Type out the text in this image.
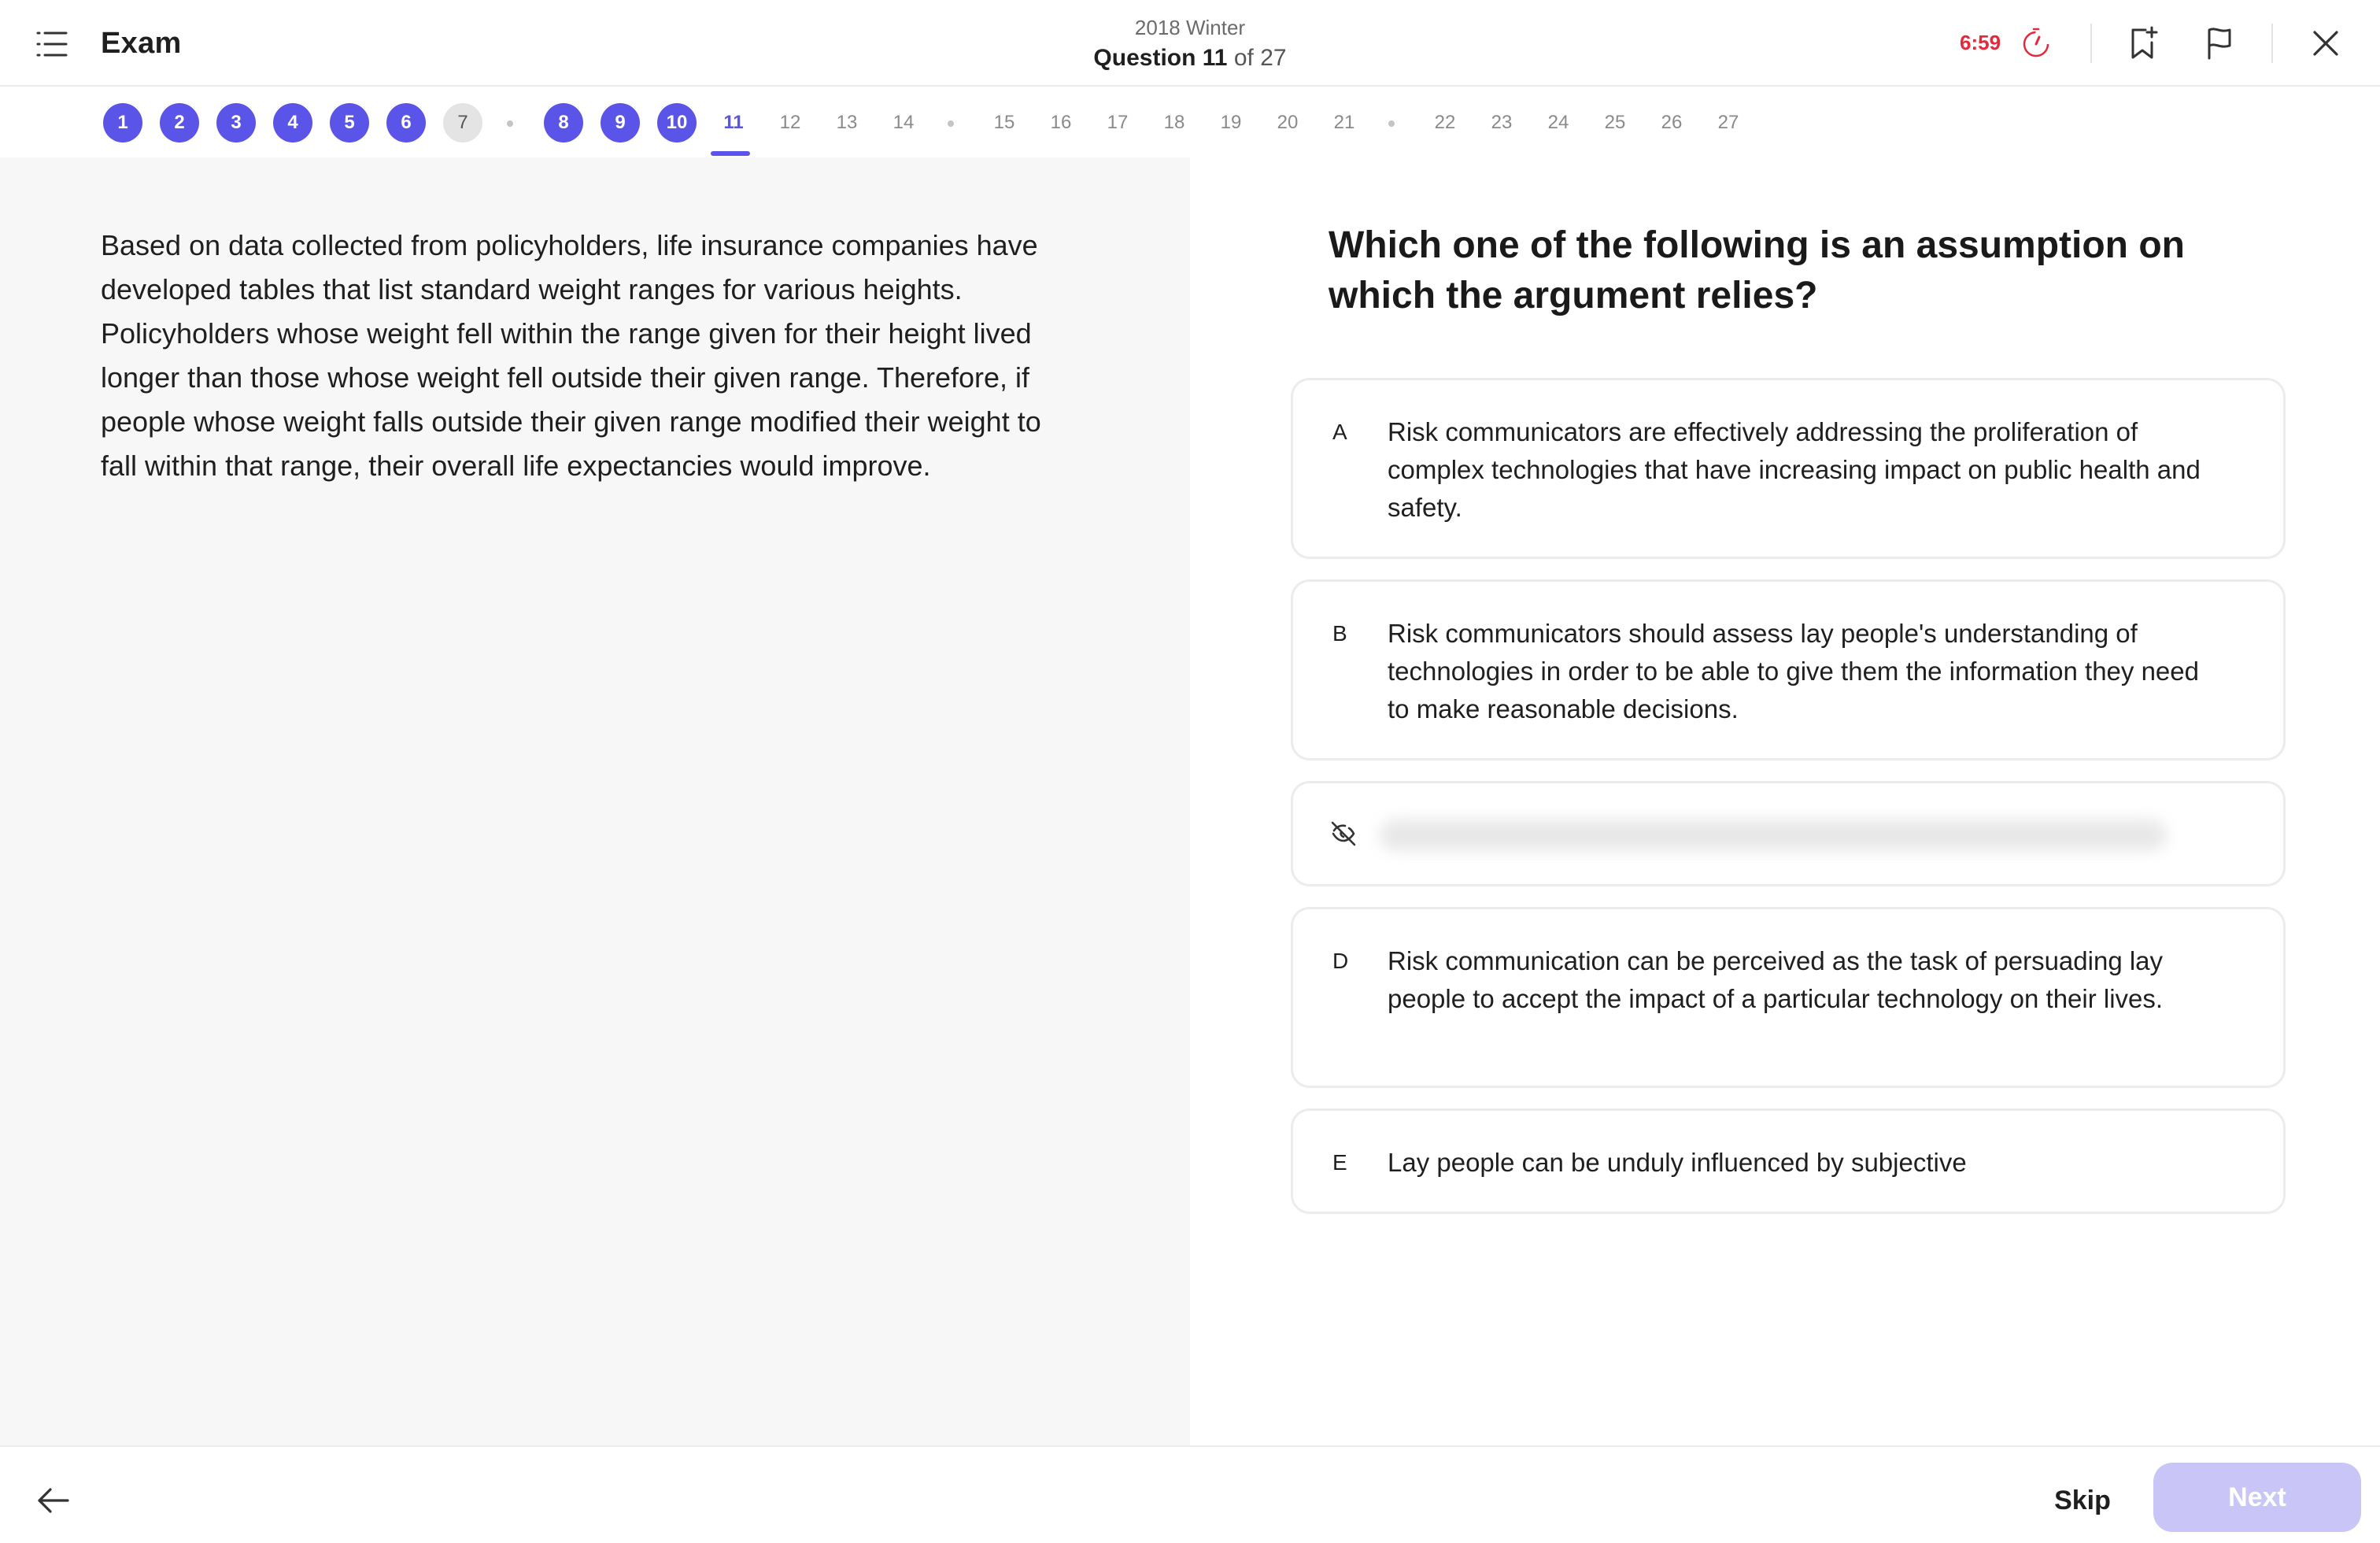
Exam	2018 Winter
Question 11 of 27
6:59
1	2	3	4	5	6	7	8	9	10	11	12	13	14	15	16	17	18	19	20	21	22	23	24	25	26	27
Based on data collected from policyholders, life insurance companies have developed tables that list standard weight ranges for various heights. Policyholders whose weight fell within the range given for their height lived longer than those whose weight fell outside their given range. Therefore, if people whose weight falls outside their given range modified their weight to fall within that range, their overall life expectancies would improve.
Which one of the following is an assumption on which the argument relies?
A Risk communicators are effectively addressing the proliferation of complex technologies that have increasing impact on public health and safety.
B Risk communicators should assess lay people's understanding of technologies in order to be able to give them the information they need to make reasonable decisions.
D Risk communication can be perceived as the task of persuading lay people to accept the impact of a particular technology on their lives.
E Lay people can be unduly influenced by subjective
Skip	Next
